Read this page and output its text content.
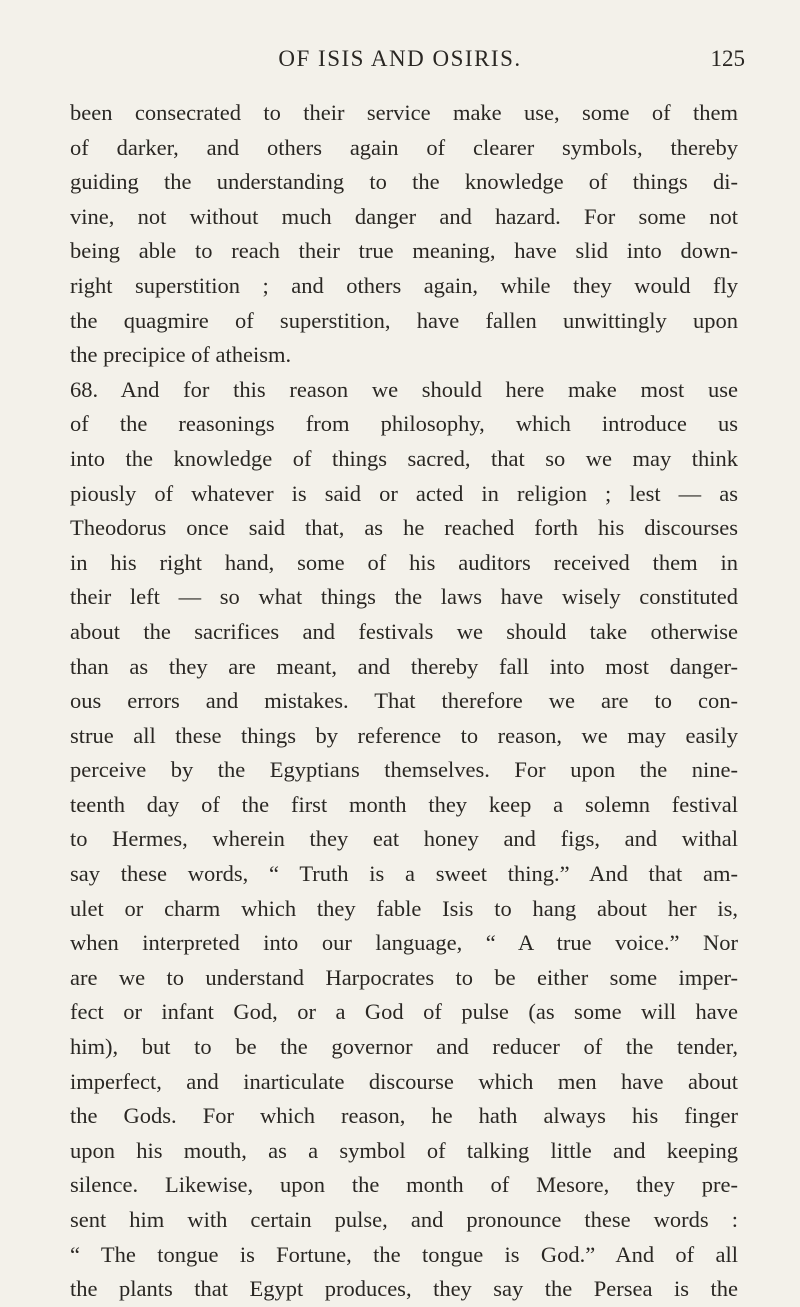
OF ISIS AND OSIRIS.	125
been consecrated to their service make use, some of them
of darker, and others again of clearer symbols, thereby
guiding the understanding to the knowledge of things di-
vine, not without much danger and hazard. For some not
being able to reach their true meaning, have slid into down-
right superstition ; and others again, while they would fly
the quagmire of superstition, have fallen unwittingly upon
the precipice of atheism.
68. And for this reason we should here make most use
of the reasonings from philosophy, which introduce us
into the knowledge of things sacred, that so we may think
piously of whatever is said or acted in religion ; lest — as
Theodorus once said that, as he reached forth his discourses
in his right hand, some of his auditors received them in
their left — so what things the laws have wisely constituted
about the sacrifices and festivals we should take otherwise
than as they are meant, and thereby fall into most danger-
ous errors and mistakes. That therefore we are to con-
strue all these things by reference to reason, we may easily
perceive by the Egyptians themselves. For upon the nine-
teenth day of the first month they keep a solemn festival
to Hermes, wherein they eat honey and figs, and withal
say these words, “ Truth is a sweet thing.” And that am-
ulet or charm which they fable Isis to hang about her is,
when interpreted into our language, “ A true voice.” Nor
are we to understand Harpocrates to be either some imper-
fect or infant God, or a God of pulse (as some will have
him), but to be the governor and reducer of the tender,
imperfect, and inarticulate discourse which men have about
the Gods. For which reason, he hath always his finger
upon his mouth, as a symbol of talking little and keeping
silence. Likewise, upon the month of Mesore, they pre-
sent him with certain pulse, and pronounce these words :
“ The tongue is Fortune, the tongue is God.” And of all
the plants that Egypt produces, they say the Persea is the
